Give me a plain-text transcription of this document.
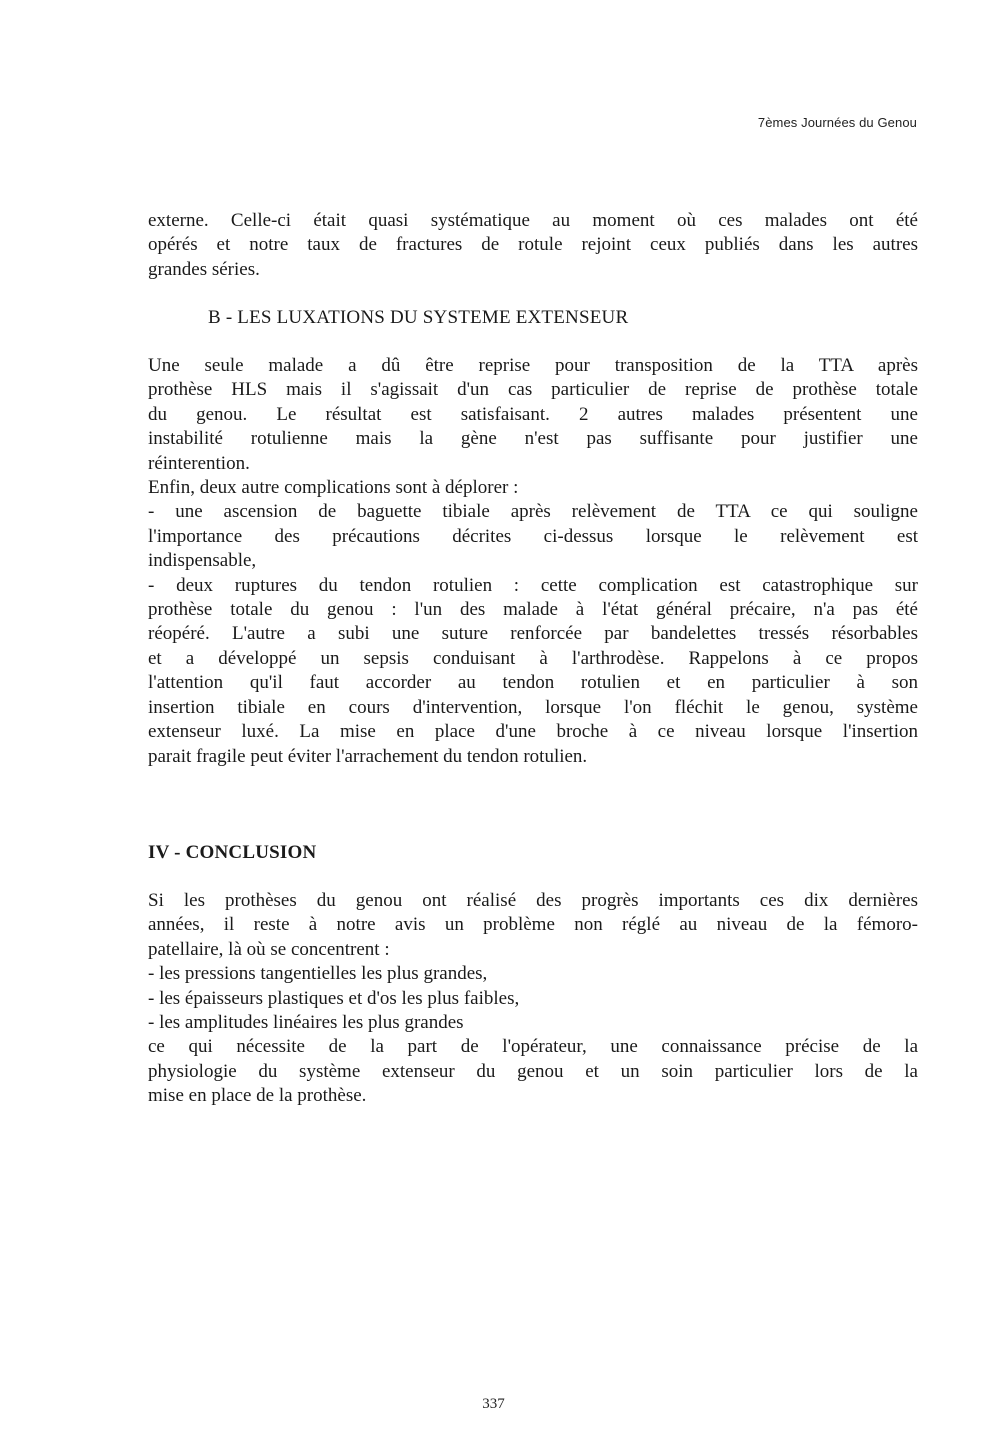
7èmes Journées du Genou
externe. Celle-ci était quasi systématique au moment où ces malades ont été
opérés et notre taux de fractures de rotule rejoint ceux publiés dans les autres
grandes séries.
B - LES LUXATIONS DU SYSTEME EXTENSEUR
Une seule malade a dû être reprise pour transposition de la TTA après
prothèse HLS mais il s'agissait d'un cas particulier de reprise de prothèse totale
du genou. Le résultat est satisfaisant. 2 autres malades présentent une
instabilité rotulienne mais la gène n'est pas suffisante pour justifier une
réinterention.
Enfin, deux autre complications sont à déplorer :
- une ascension de baguette tibiale après relèvement de TTA ce qui souligne
l'importance des précautions décrites ci-dessus lorsque le relèvement est
indispensable,
- deux ruptures du tendon rotulien : cette complication est catastrophique sur
prothèse totale du genou : l'un des malade à l'état général précaire, n'a pas été
réopéré. L'autre a subi une suture renforcée par bandelettes tressés résorbables
et a développé un sepsis conduisant à l'arthrodèse. Rappelons à ce propos
l'attention qu'il faut accorder au tendon rotulien et en particulier à son
insertion tibiale en cours d'intervention, lorsque l'on fléchit le genou, système
extenseur luxé. La mise en place d'une broche à ce niveau lorsque l'insertion
parait fragile peut éviter l'arrachement du tendon rotulien.
IV - CONCLUSION
Si les prothèses du genou ont réalisé des progrès importants ces dix dernières
années, il reste à notre avis un problème non réglé au niveau de la fémoro-
patellaire, là où se concentrent :
- les pressions tangentielles les plus grandes,
- les épaisseurs plastiques et d'os les plus faibles,
- les amplitudes linéaires les plus grandes
ce qui nécessite de la part de l'opérateur, une connaissance précise de la
physiologie du système extenseur du genou et un soin particulier lors de la
mise en place de la prothèse.
337
